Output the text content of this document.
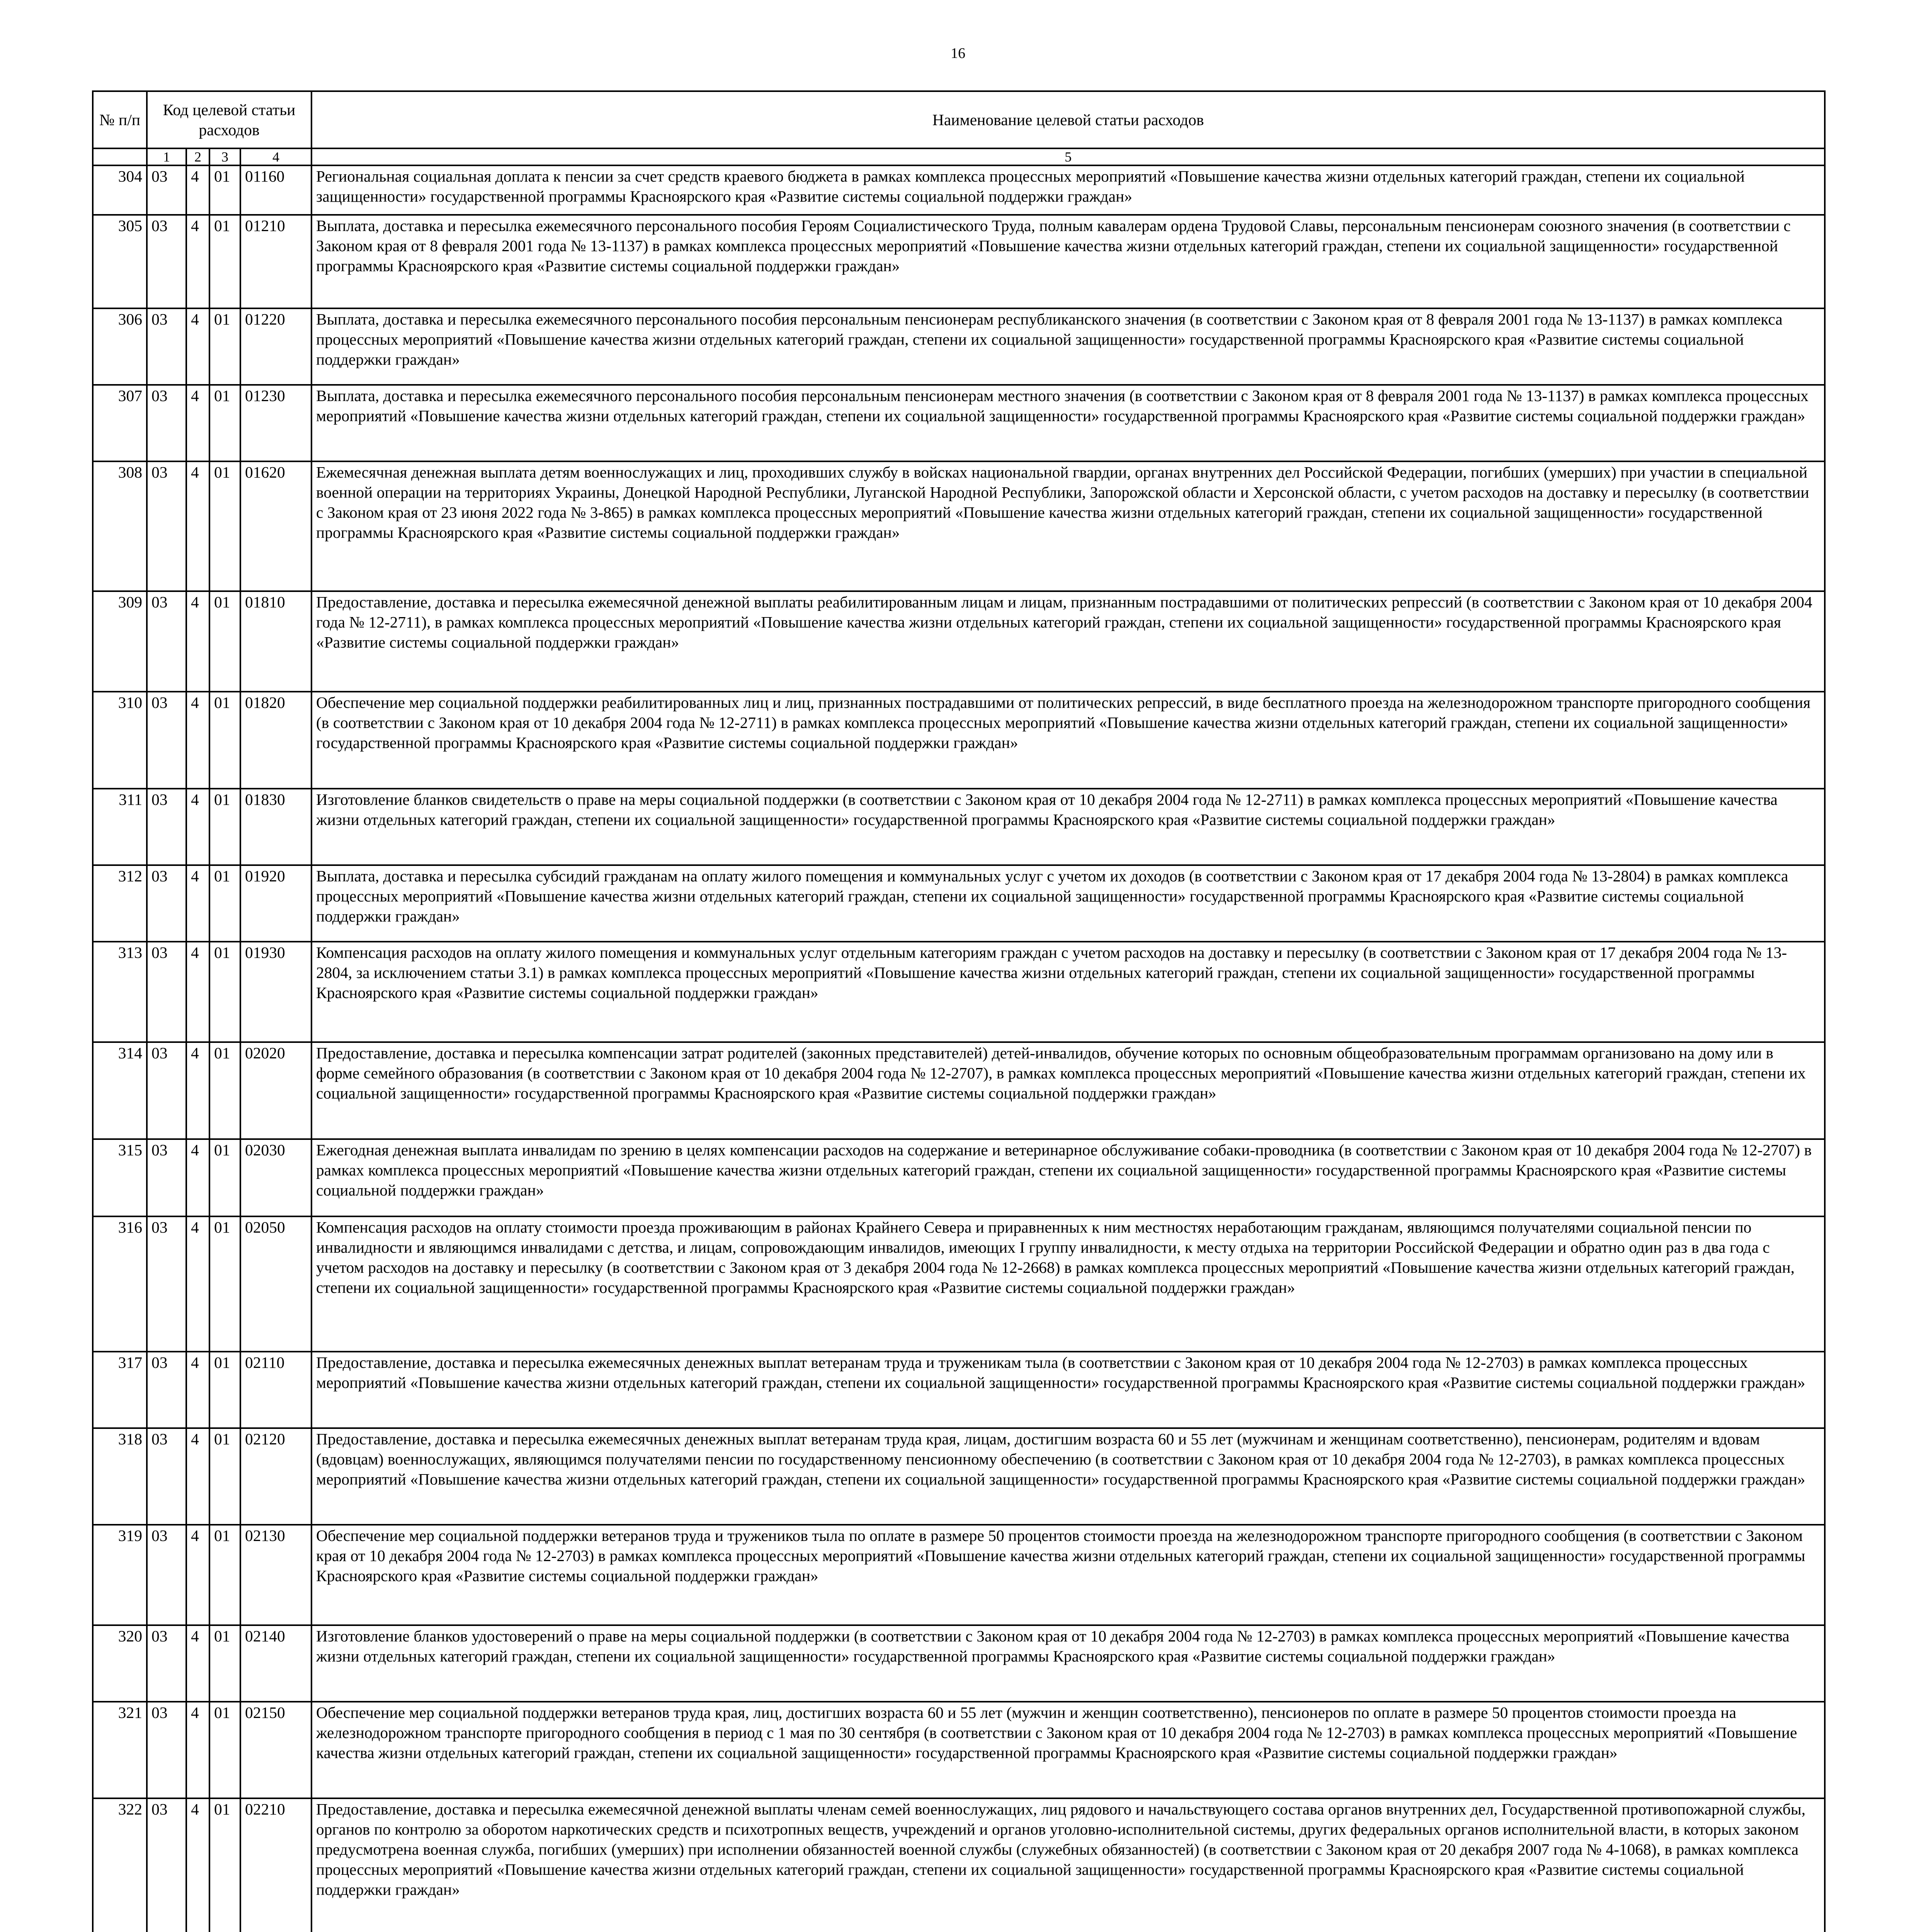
16
№ п/п	Код целевой статьи расходов				Наименование целевой статьи расходов

	1	2	3	4	5
304	03	4	01	01160	Региональная социальная доплата к пенсии за счет средств краевого бюджета в рамках комплекса процессных мероприятий «Повышение качества жизни отдельных категорий граждан, степени их социальной защищенности» государственной программы Красноярского края «Развитие системы социальной поддержки граждан»
305	03	4	01	01210	Выплата, доставка и пересылка ежемесячного персонального пособия Героям Социалистического Труда, полным кавалерам ордена Трудовой Славы, персональным пенсионерам союзного значения (в соответствии с Законом края от 8 февраля 2001 года № 13-1137) в рамках комплекса процессных мероприятий «Повышение качества жизни отдельных категорий граждан, степени их социальной защищенности» государственной программы Красноярского края «Развитие системы социальной поддержки граждан»
306	03	4	01	01220	Выплата, доставка и пересылка ежемесячного персонального пособия персональным пенсионерам республиканского значения (в соответствии с Законом края от 8 февраля 2001 года № 13-1137) в рамках комплекса процессных мероприятий «Повышение качества жизни отдельных категорий граждан, степени их социальной защищенности» государственной программы Красноярского края «Развитие системы социальной поддержки граждан»
307	03	4	01	01230	Выплата, доставка и пересылка ежемесячного персонального пособия персональным пенсионерам местного значения (в соответствии с Законом края от 8 февраля 2001 года № 13-1137) в рамках комплекса процессных мероприятий «Повышение качества жизни отдельных категорий граждан, степени их социальной защищенности» государственной программы Красноярского края «Развитие системы социальной поддержки граждан»
308	03	4	01	01620	Ежемесячная денежная выплата детям военнослужащих и лиц, проходивших службу в войсках национальной гвардии, органах внутренних дел Российской Федерации, погибших (умерших) при участии в специальной военной операции на территориях Украины, Донецкой Народной Республики, Луганской Народной Республики, Запорожской области и Херсонской области, с учетом расходов на доставку и пересылку (в соответствии с Законом края от 23 июня 2022 года № 3-865) в рамках комплекса процессных мероприятий «Повышение качества жизни отдельных категорий граждан, степени их социальной защищенности» государственной программы Красноярского края «Развитие системы социальной поддержки граждан»
309	03	4	01	01810	Предоставление, доставка и пересылка ежемесячной денежной выплаты реабилитированным лицам и лицам, признанным пострадавшими от политических репрессий (в соответствии с Законом края от 10 декабря 2004 года № 12-2711), в рамках комплекса процессных мероприятий «Повышение качества жизни отдельных категорий граждан, степени их социальной защищенности» государственной программы Красноярского края «Развитие системы социальной поддержки граждан»
310	03	4	01	01820	Обеспечение мер социальной поддержки реабилитированных лиц и лиц, признанных пострадавшими от политических репрессий, в виде бесплатного проезда на железнодорожном транспорте пригородного сообщения (в соответствии с Законом края от 10 декабря 2004 года № 12-2711) в рамках комплекса процессных мероприятий «Повышение качества жизни отдельных категорий граждан, степени их социальной защищенности» государственной программы Красноярского края «Развитие системы социальной поддержки граждан»
311	03	4	01	01830	Изготовление бланков свидетельств о праве на меры социальной поддержки (в соответствии с Законом края от 10 декабря 2004 года № 12-2711) в рамках комплекса процессных мероприятий «Повышение качества жизни отдельных категорий граждан, степени их социальной защищенности» государственной программы Красноярского края «Развитие системы социальной поддержки граждан»
312	03	4	01	01920	Выплата, доставка и пересылка субсидий гражданам на оплату жилого помещения и коммунальных услуг с учетом их доходов (в соответствии с Законом края от 17 декабря 2004 года № 13-2804) в рамках комплекса процессных мероприятий «Повышение качества жизни отдельных категорий граждан, степени их социальной защищенности» государственной программы Красноярского края «Развитие системы социальной поддержки граждан»
313	03	4	01	01930	Компенсация расходов на оплату жилого помещения и коммунальных услуг отдельным категориям граждан с учетом расходов на доставку и пересылку (в соответствии с Законом края от 17 декабря 2004 года № 13-2804, за исключением статьи 3.1) в рамках комплекса процессных мероприятий «Повышение качества жизни отдельных категорий граждан, степени их социальной защищенности» государственной программы Красноярского края «Развитие системы социальной поддержки граждан»
314	03	4	01	02020	Предоставление, доставка и пересылка компенсации затрат родителей (законных представителей) детей-инвалидов, обучение которых по основным общеобразовательным программам организовано на дому или в форме семейного образования (в соответствии с Законом края от 10 декабря 2004 года № 12-2707), в рамках комплекса процессных мероприятий «Повышение качества жизни отдельных категорий граждан, степени их социальной защищенности» государственной программы Красноярского края «Развитие системы социальной поддержки граждан»
315	03	4	01	02030	Ежегодная денежная выплата инвалидам по зрению в целях компенсации расходов на содержание и ветеринарное обслуживание собаки-проводника (в соответствии с Законом края от 10 декабря 2004 года № 12-2707) в рамках комплекса процессных мероприятий «Повышение качества жизни отдельных категорий граждан, степени их социальной защищенности» государственной программы Красноярского края «Развитие системы социальной поддержки граждан»
316	03	4	01	02050	Компенсация расходов на оплату стоимости проезда проживающим в районах Крайнего Севера и приравненных к ним местностях неработающим гражданам, являющимся получателями социальной пенсии по инвалидности и являющимся инвалидами с детства, и лицам, сопровождающим инвалидов, имеющих I группу инвалидности, к месту отдыха на территории Российской Федерации и обратно один раз в два года с учетом расходов на доставку и пересылку (в соответствии с Законом края от 3 декабря 2004 года № 12-2668) в рамках комплекса процессных мероприятий «Повышение качества жизни отдельных категорий граждан, степени их социальной защищенности» государственной программы Красноярского края «Развитие системы социальной поддержки граждан»
317	03	4	01	02110	Предоставление, доставка и пересылка ежемесячных денежных выплат ветеранам труда и труженикам тыла (в соответствии с Законом края от 10 декабря 2004 года № 12-2703) в рамках комплекса процессных мероприятий «Повышение качества жизни отдельных категорий граждан, степени их социальной защищенности» государственной программы Красноярского края «Развитие системы социальной поддержки граждан»
318	03	4	01	02120	Предоставление, доставка и пересылка ежемесячных денежных выплат ветеранам труда края, лицам, достигшим возраста 60 и 55 лет (мужчинам и женщинам соответственно), пенсионерам, родителям и вдовам (вдовцам) военнослужащих, являющимся получателями пенсии по государственному пенсионному обеспечению (в соответствии с Законом края от 10 декабря 2004 года № 12-2703), в рамках комплекса процессных мероприятий «Повышение качества жизни отдельных категорий граждан, степени их социальной защищенности» государственной программы Красноярского края «Развитие системы социальной поддержки граждан»
319	03	4	01	02130	Обеспечение мер социальной поддержки ветеранов труда и тружеников тыла по оплате в размере 50 процентов стоимости проезда на железнодорожном транспорте пригородного сообщения (в соответствии с Законом края от 10 декабря 2004 года № 12-2703) в рамках комплекса процессных мероприятий «Повышение качества жизни отдельных категорий граждан, степени их социальной защищенности» государственной программы Красноярского края «Развитие системы социальной поддержки граждан»
320	03	4	01	02140	Изготовление бланков удостоверений о праве на меры социальной поддержки (в соответствии с Законом края от 10 декабря 2004 года № 12-2703) в рамках комплекса процессных мероприятий «Повышение качества жизни отдельных категорий граждан, степени их социальной защищенности» государственной программы Красноярского края «Развитие системы социальной поддержки граждан»
321	03	4	01	02150	Обеспечение мер социальной поддержки ветеранов труда края, лиц, достигших возраста 60 и 55 лет (мужчин и женщин соответственно), пенсионеров по оплате в размере 50 процентов стоимости проезда на железнодорожном транспорте пригородного сообщения в период с 1 мая по 30 сентября (в соответствии с Законом края от 10 декабря 2004 года № 12-2703) в рамках комплекса процессных мероприятий «Повышение качества жизни отдельных категорий граждан, степени их социальной защищенности» государственной программы Красноярского края «Развитие системы социальной поддержки граждан»
322	03	4	01	02210	Предоставление, доставка и пересылка ежемесячной денежной выплаты членам семей военнослужащих, лиц рядового и начальствующего состава органов внутренних дел, Государственной противопожарной службы, органов по контролю за оборотом наркотических средств и психотропных веществ, учреждений и органов уголовно-исполнительной системы, других федеральных органов исполнительной власти, в которых законом предусмотрена военная служба, погибших (умерших) при исполнении обязанностей военной службы (служебных обязанностей) (в соответствии с Законом края от 20 декабря 2007 года № 4-1068), в рамках комплекса процессных мероприятий «Повышение качества жизни отдельных категорий граждан, степени их социальной защищенности» государственной программы Красноярского края «Развитие системы социальной поддержки граждан»
